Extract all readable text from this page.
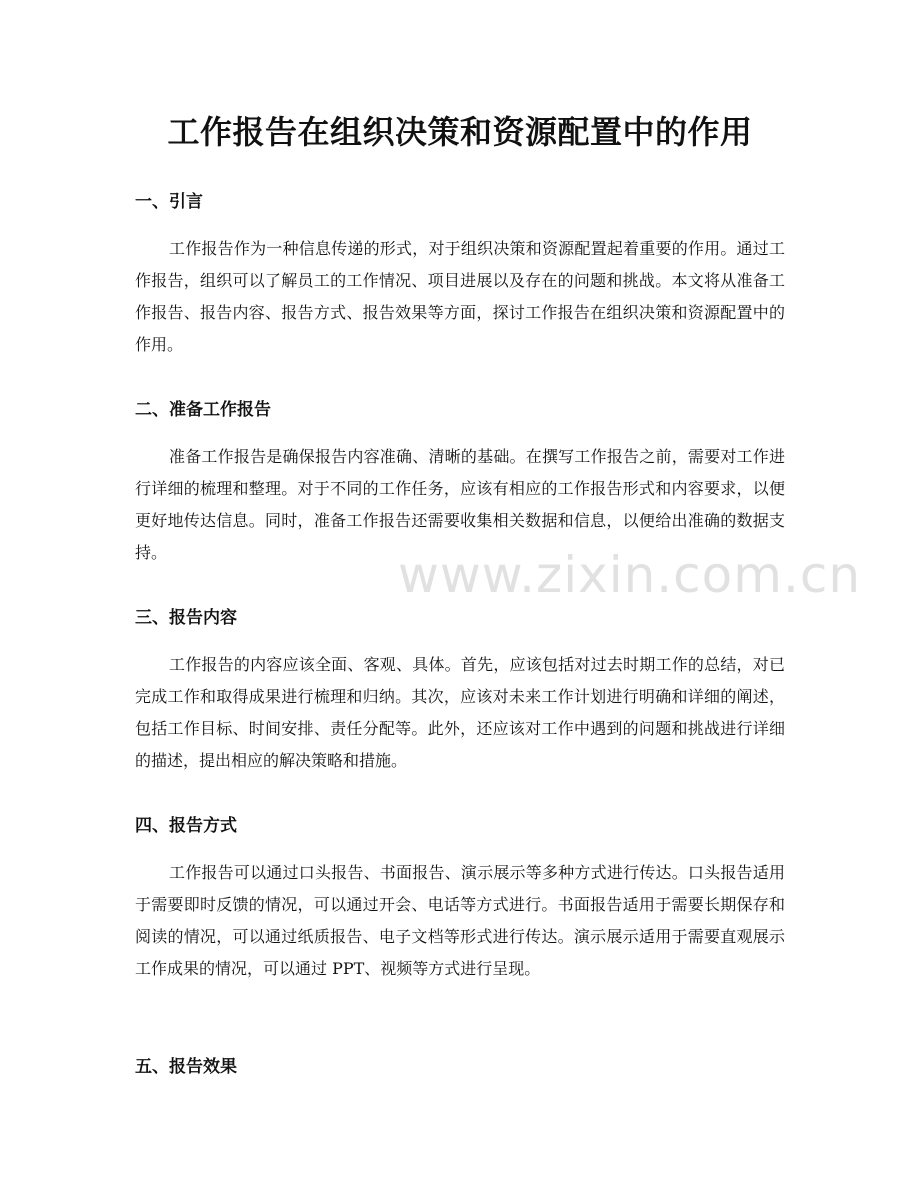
工作报告在组织决策和资源配置中的作用
一、引言

工作报告作为一种信息传递的形式，对于组织决策和资源配置起着重要的作用。通过工作报告，组织可以了解员工的工作情况、项目进展以及存在的问题和挑战。本文将从准备工作报告、报告内容、报告方式、报告效果等方面，探讨工作报告在组织决策和资源配置中的作用。

二、准备工作报告

准备工作报告是确保报告内容准确、清晰的基础。在撰写工作报告之前，需要对工作进行详细的梳理和整理。对于不同的工作任务，应该有相应的工作报告形式和内容要求，以便更好地传达信息。同时，准备工作报告还需要收集相关数据和信息，以便给出准确的数据支持。

三、报告内容

工作报告的内容应该全面、客观、具体。首先，应该包括对过去时期工作的总结，对已完成工作和取得成果进行梳理和归纳。其次，应该对未来工作计划进行明确和详细的阐述，包括工作目标、时间安排、责任分配等。此外，还应该对工作中遇到的问题和挑战进行详细的描述，提出相应的解决策略和措施。

四、报告方式

工作报告可以通过口头报告、书面报告、演示展示等多种方式进行传达。口头报告适用于需要即时反馈的情况，可以通过开会、电话等方式进行。书面报告适用于需要长期保存和阅读的情况，可以通过纸质报告、电子文档等形式进行传达。演示展示适用于需要直观展示工作成果的情况，可以通过 PPT、视频等方式进行呈现。

五、报告效果
www.zixin.com.cn
